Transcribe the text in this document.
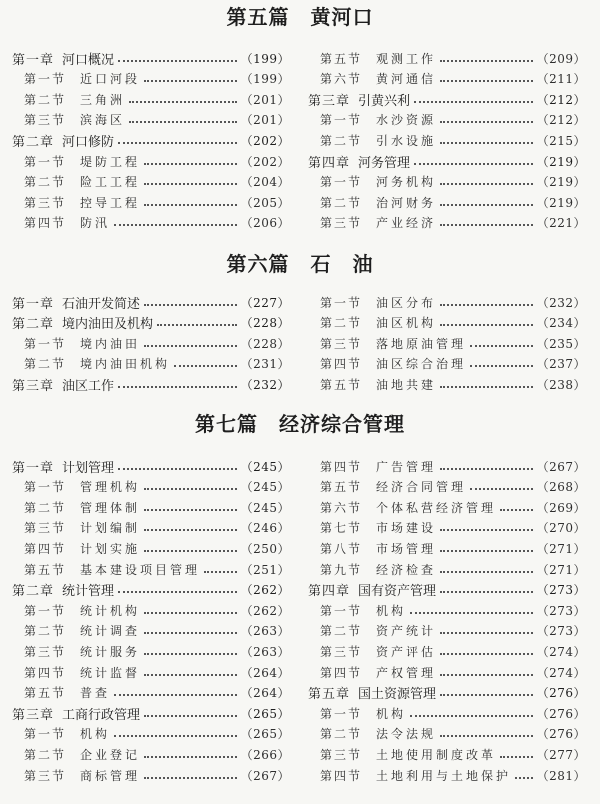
第五篇　黄河口
第一章 河口概况	（199）
第一节	近口河段	（199）
第二节	三角洲	（201）
第三节	滨海区	（201）
第二章 河口修防	（202）
第一节	堤防工程	（202）
第二节	险工工程	（204）
第三节	控导工程	（205）
第四节	防汛	（206）
第五节	观测工作	（209）
第六节	黄河通信	（211）
第三章 引黄兴利	（212）
第一节	水沙资源	（212）
第二节	引水设施	（215）
第四章 河务管理	（219）
第一节	河务机构	（219）
第二节	治河财务	（219）
第三节	产业经济	（221）
第六篇　石　油
第一章 石油开发简述	（227）
第二章 境内油田及机构	（228）
第一节	境内油田	（228）
第二节	境内油田机构	（231）
第三章 油区工作	（232）
第一节	油区分布	（232）
第二节	油区机构	（234）
第三节	落地原油管理	（235）
第四节	油区综合治理	（237）
第五节	油地共建	（238）
第七篇　经济综合管理
第一章 计划管理	（245）
第一节	管理机构	（245）
第二节	管理体制	（245）
第三节	计划编制	（246）
第四节	计划实施	（250）
第五节	基本建设项目管理	（251）
第二章 统计管理	（262）
第一节	统计机构	（262）
第二节	统计调查	（263）
第三节	统计服务	（263）
第四节	统计监督	（264）
第五节	普查	（264）
第三章 工商行政管理	（265）
第一节	机构	（265）
第二节	企业登记	（266）
第三节	商标管理	（267）
第四节	广告管理	（267）
第五节	经济合同管理	（268）
第六节	个体私营经济管理	（269）
第七节	市场建设	（270）
第八节	市场管理	（271）
第九节	经济检查	（271）
第四章 国有资产管理	（273）
第一节	机构	（273）
第二节	资产统计	（273）
第三节	资产评估	（274）
第四节	产权管理	（274）
第五章 国土资源管理	（276）
第一节	机构	（276）
第二节	法令法规	（276）
第三节	土地使用制度改革	（277）
第四节	土地利用与土地保护 （281）
